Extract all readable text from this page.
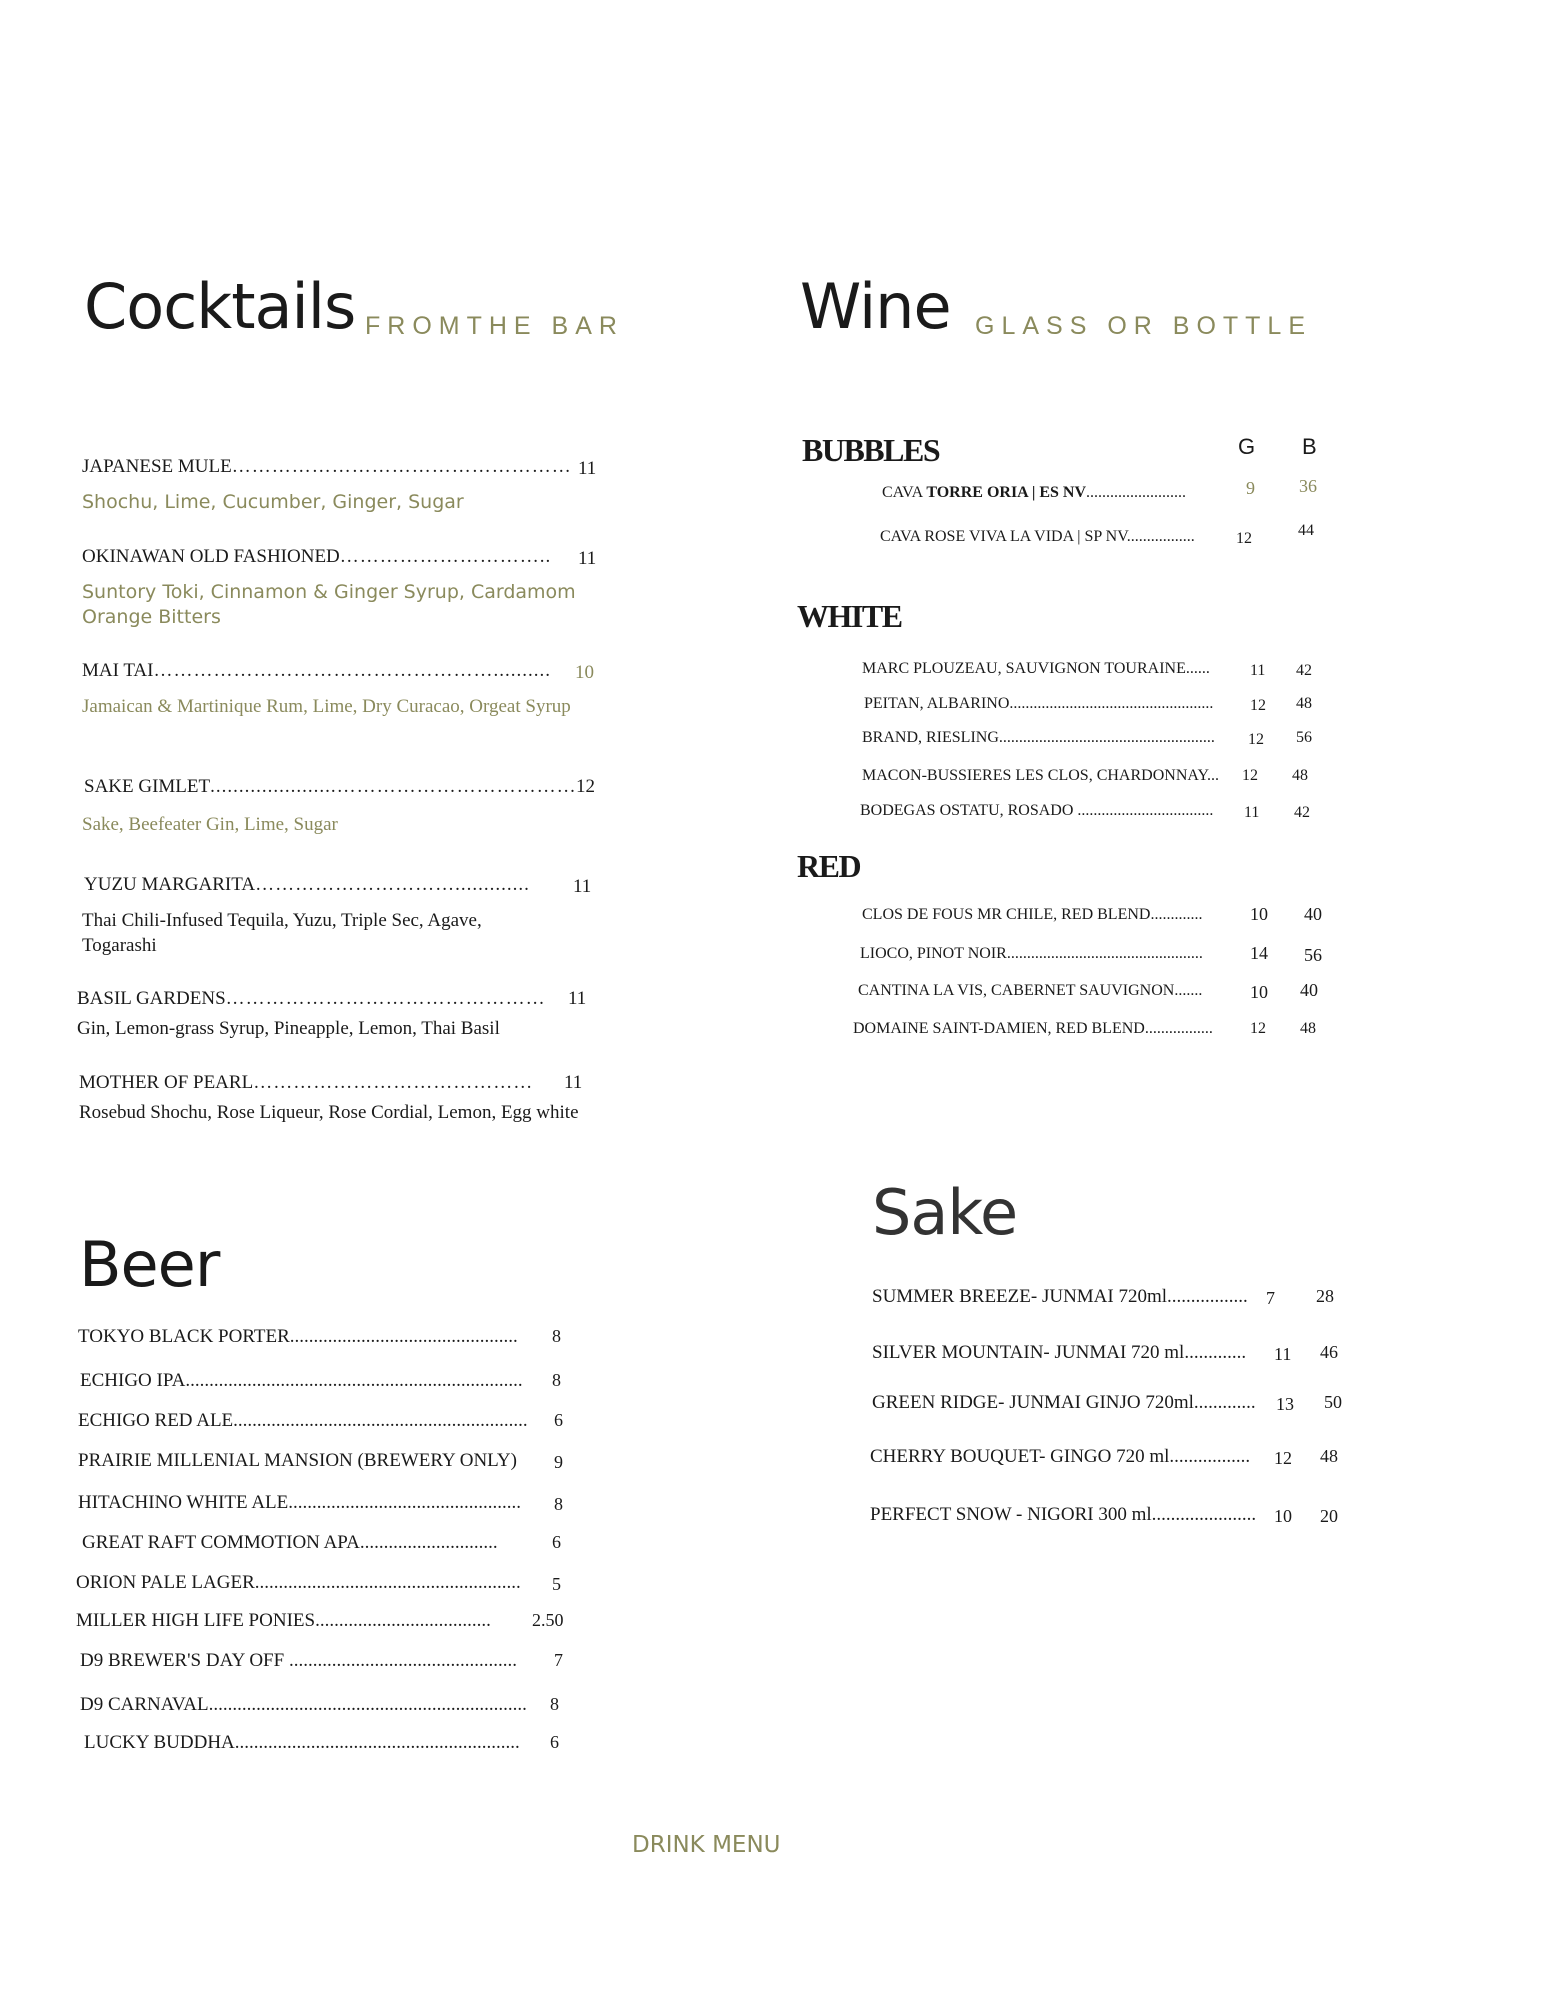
Cocktails FROMTHE BAR
JAPANESE MULE…………………………………………… 11
Shochu, Lime, Cucumber, Ginger, Sugar
OKINAWAN OLD FASHIONED………………………….. 11
Suntory Toki, Cinnamon & Ginger Syrup, Cardamom Orange Bitters
MAI TAI…………………………………………….......... 10
Jamaican & Martinique Rum, Lime, Dry Curacao, Orgeat Syrup
SAKE GIMLET......................……………………………… 12
Sake, Beefeater Gin, Lime, Sugar
YUZU MARGARITA…………………………............. 11
Thai Chili-Infused Tequila, Yuzu, Triple Sec, Agave, Togarashi
BASIL GARDENS………………………………………… 11
Gin, Lemon-grass Syrup, Pineapple, Lemon, Thai Basil
MOTHER OF PEARL…………………………………… 11
Rosebud Shochu, Rose Liqueur, Rose Cordial, Lemon, Egg white
Wine GLASS OR BOTTLE
BUBBLES	G B
CAVA TORRE ORIA | ES NV.........................	9 36
CAVA ROSE VIVA LA VIDA | SP NV.................	12	44
WHITE
MARC PLOUZEAU, SAUVIGNON TOURAINE......	11 42
PEITAN, ALBARINO................................................... 12 48
BRAND, RIESLING...................................................... 12 56
MACON-BUSSIERES LES CLOS, CHARDONNAY... 12 48
BODEGAS OSTATU, ROSADO .................................. 11 42
RED
CLOS DE FOUS MR CHILE, RED BLEND.............	10 40
LIOCO, PINOT NOIR.................................................	14 56
CANTINA LA VIS, CABERNET SAUVIGNON.......	10 40
DOMAINE SAINT-DAMIEN, RED BLEND................. 12 48
Beer
TOKYO BLACK PORTER................................................ 8
ECHIGO IPA....................................................................... 8
ECHIGO RED ALE.............................................................. 6
PRAIRIE MILLENIAL MANSION (BREWERY ONLY) 9
HITACHINO WHITE ALE................................................. 8
GREAT RAFT COMMOTION APA.............................	6
ORION PALE LAGER........................................................ 5
MILLER HIGH LIFE PONIES..................................... 2.50
D9 BREWER'S DAY OFF ................................................ 7
D9 CARNAVAL................................................................... 8
LUCKY BUDDHA............................................................ 6
Sake
SUMMER BREEZE- JUNMAI 720ml................. 7 28
SILVER MOUNTAIN- JUNMAI 720 ml............. 11 46
GREEN RIDGE- JUNMAI GINJO 720ml............. 13 50
CHERRY BOUQUET- GINGO 720 ml................. 12 48
PERFECT SNOW - NIGORI 300 ml...................... 10 20
DRINK MENU
